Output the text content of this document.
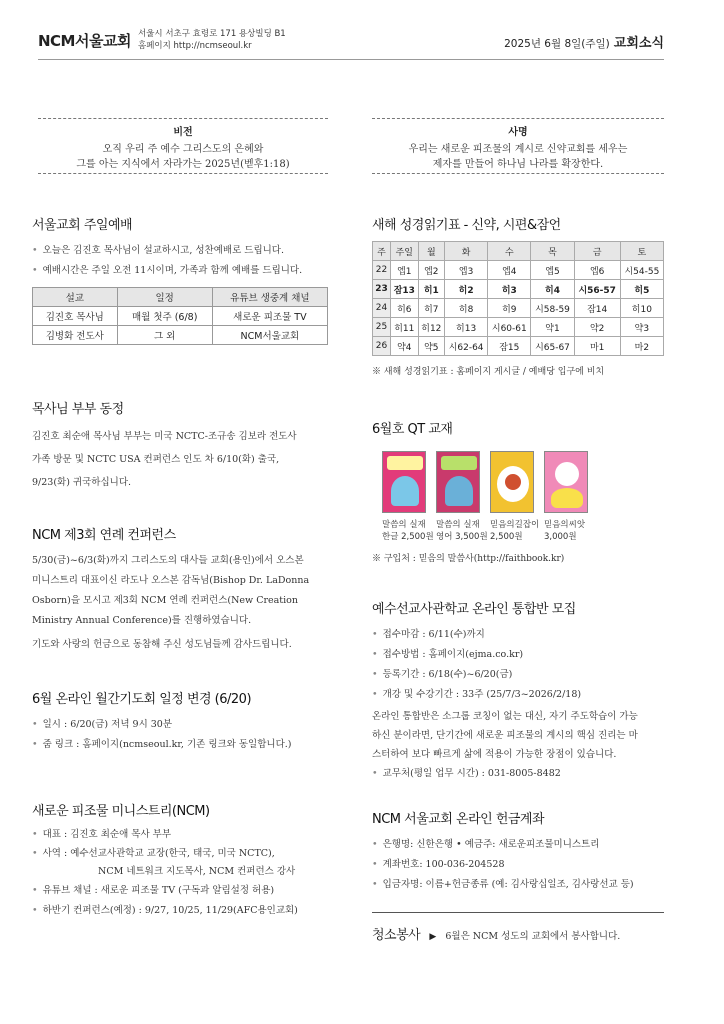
NCM서울교회 서울시 서초구 효령로 171 용상빌딩 B1
홈페이지 http://ncmseoul.kr	2025년 6월 8일(주일) 교회소식
비전
오직 우리 주 예수 그리스도의 은혜와
그를 아는 지식에서 자라가는 2025년(벧후1:18)
사명
우리는 새로운 피조물의 계시로 신약교회를 세우는
제자를 만들어 하나님 나라를 확장한다.
서울교회 주일예배
• 오늘은 김진호 목사님이 설교하시고, 성찬예배로 드립니다.
• 예배시간은 주일 오전 11시이며, 가족과 함께 예배를 드립니다.
설교	일정	유튜브 생중계 채널
김진호 목사님	매월 첫주 (6/8)	새로운 피조물 TV
김병화 전도사	그 외	NCM서울교회
목사님 부부 동정
김진호 최순애 목사님 부부는 미국 NCTC-조규송 김보라 전도사
가족 방문 및 NCTC USA 컨퍼런스 인도 차 6/10(화) 출국,
9/23(화) 귀국하십니다.
NCM 제3회 연례 컨퍼런스
5/30(금)~6/3(화)까지 그리스도의 대사들 교회(용인)에서 오스본
미니스트리 대표이신 라도나 오스본 감독님(Bishop Dr. LaDonna
Osborn)을 모시고 제3회 NCM 연례 컨퍼런스(New Creation
Ministry Annual Conference)를 진행하였습니다.
기도와 사랑의 헌금으로 동참해 주신 성도님들께 감사드립니다.
6월 온라인 월간기도회 일정 변경 (6/20)
• 일시 : 6/20(금) 저녁 9시 30분
• 줌 링크 : 홈페이지(ncmseoul.kr, 기존 링크와 동일합니다.)
새로운 피조물 미니스트리(NCM)
• 대표 : 김진호 최순애 목사 부부
• 사역 : 예수선교사관학교 교장(한국, 태국, 미국 NCTC),
NCM 네트워크 지도목사, NCM 컨퍼런스 강사
• 유튜브 채널 : 새로운 피조물 TV (구독과 알림설정 허용)
• 하반기 컨퍼런스(예정) : 9/27, 10/25, 11/29(AFC용인교회)
새해 성경읽기표 - 신약, 시편&잠언
주	주일	월	화	수	목	금	토
22	엡1	엡2	엡3	엡4	엡5	엡6	시54-55
23	잠13	히1	히2	히3	히4	시56-57	히5
24	히6	히7	히8	히9	시58-59	잠14	히10
25	히11	히12	히13	시60-61	약1	약2	약3
26	약4	약5	시62-64	잠15	시65-67	마1	마2
※ 새해 성경읽기표 : 홈페이지 게시글 / 예배당 입구에 비치
6월호 QT 교재
말씀의 실재
한글 2,500원
말씀의 실재
영어 3,500원
믿음의길잡이
2,500원
믿음의씨앗
3,000원
※ 구입처 : 믿음의 말씀사(http://faithbook.kr)
예수선교사관학교 온라인 통합반 모집
• 접수마감 : 6/11(수)까지
• 접수방법 : 홈페이지(ejma.co.kr)
• 등록기간 : 6/18(수)~6/20(금)
• 개강 및 수강기간 : 33주 (25/7/3~2026/2/18)
온라인 통합반은 소그룹 코칭이 없는 대신, 자기 주도학습이 가능
하신 분이라면, 단기간에 새로운 피조물의 계시의 핵심 진리는 마
스터하여 보다 빠르게 삶에 적용이 가능한 장점이 있습니다.
• 교무처(평일 업무 시간) : 031-8005-8482
NCM 서울교회 온라인 헌금계좌
• 은행명: 신한은행 • 예금주: 새로운피조물미니스트리
• 계좌번호: 100-036-204528
• 입금자명: 이름+헌금종류 (예: 김사랑십일조, 김사랑선교 등)
청소봉사 ▶ 6월은 NCM 성도의 교회에서 봉사합니다.
